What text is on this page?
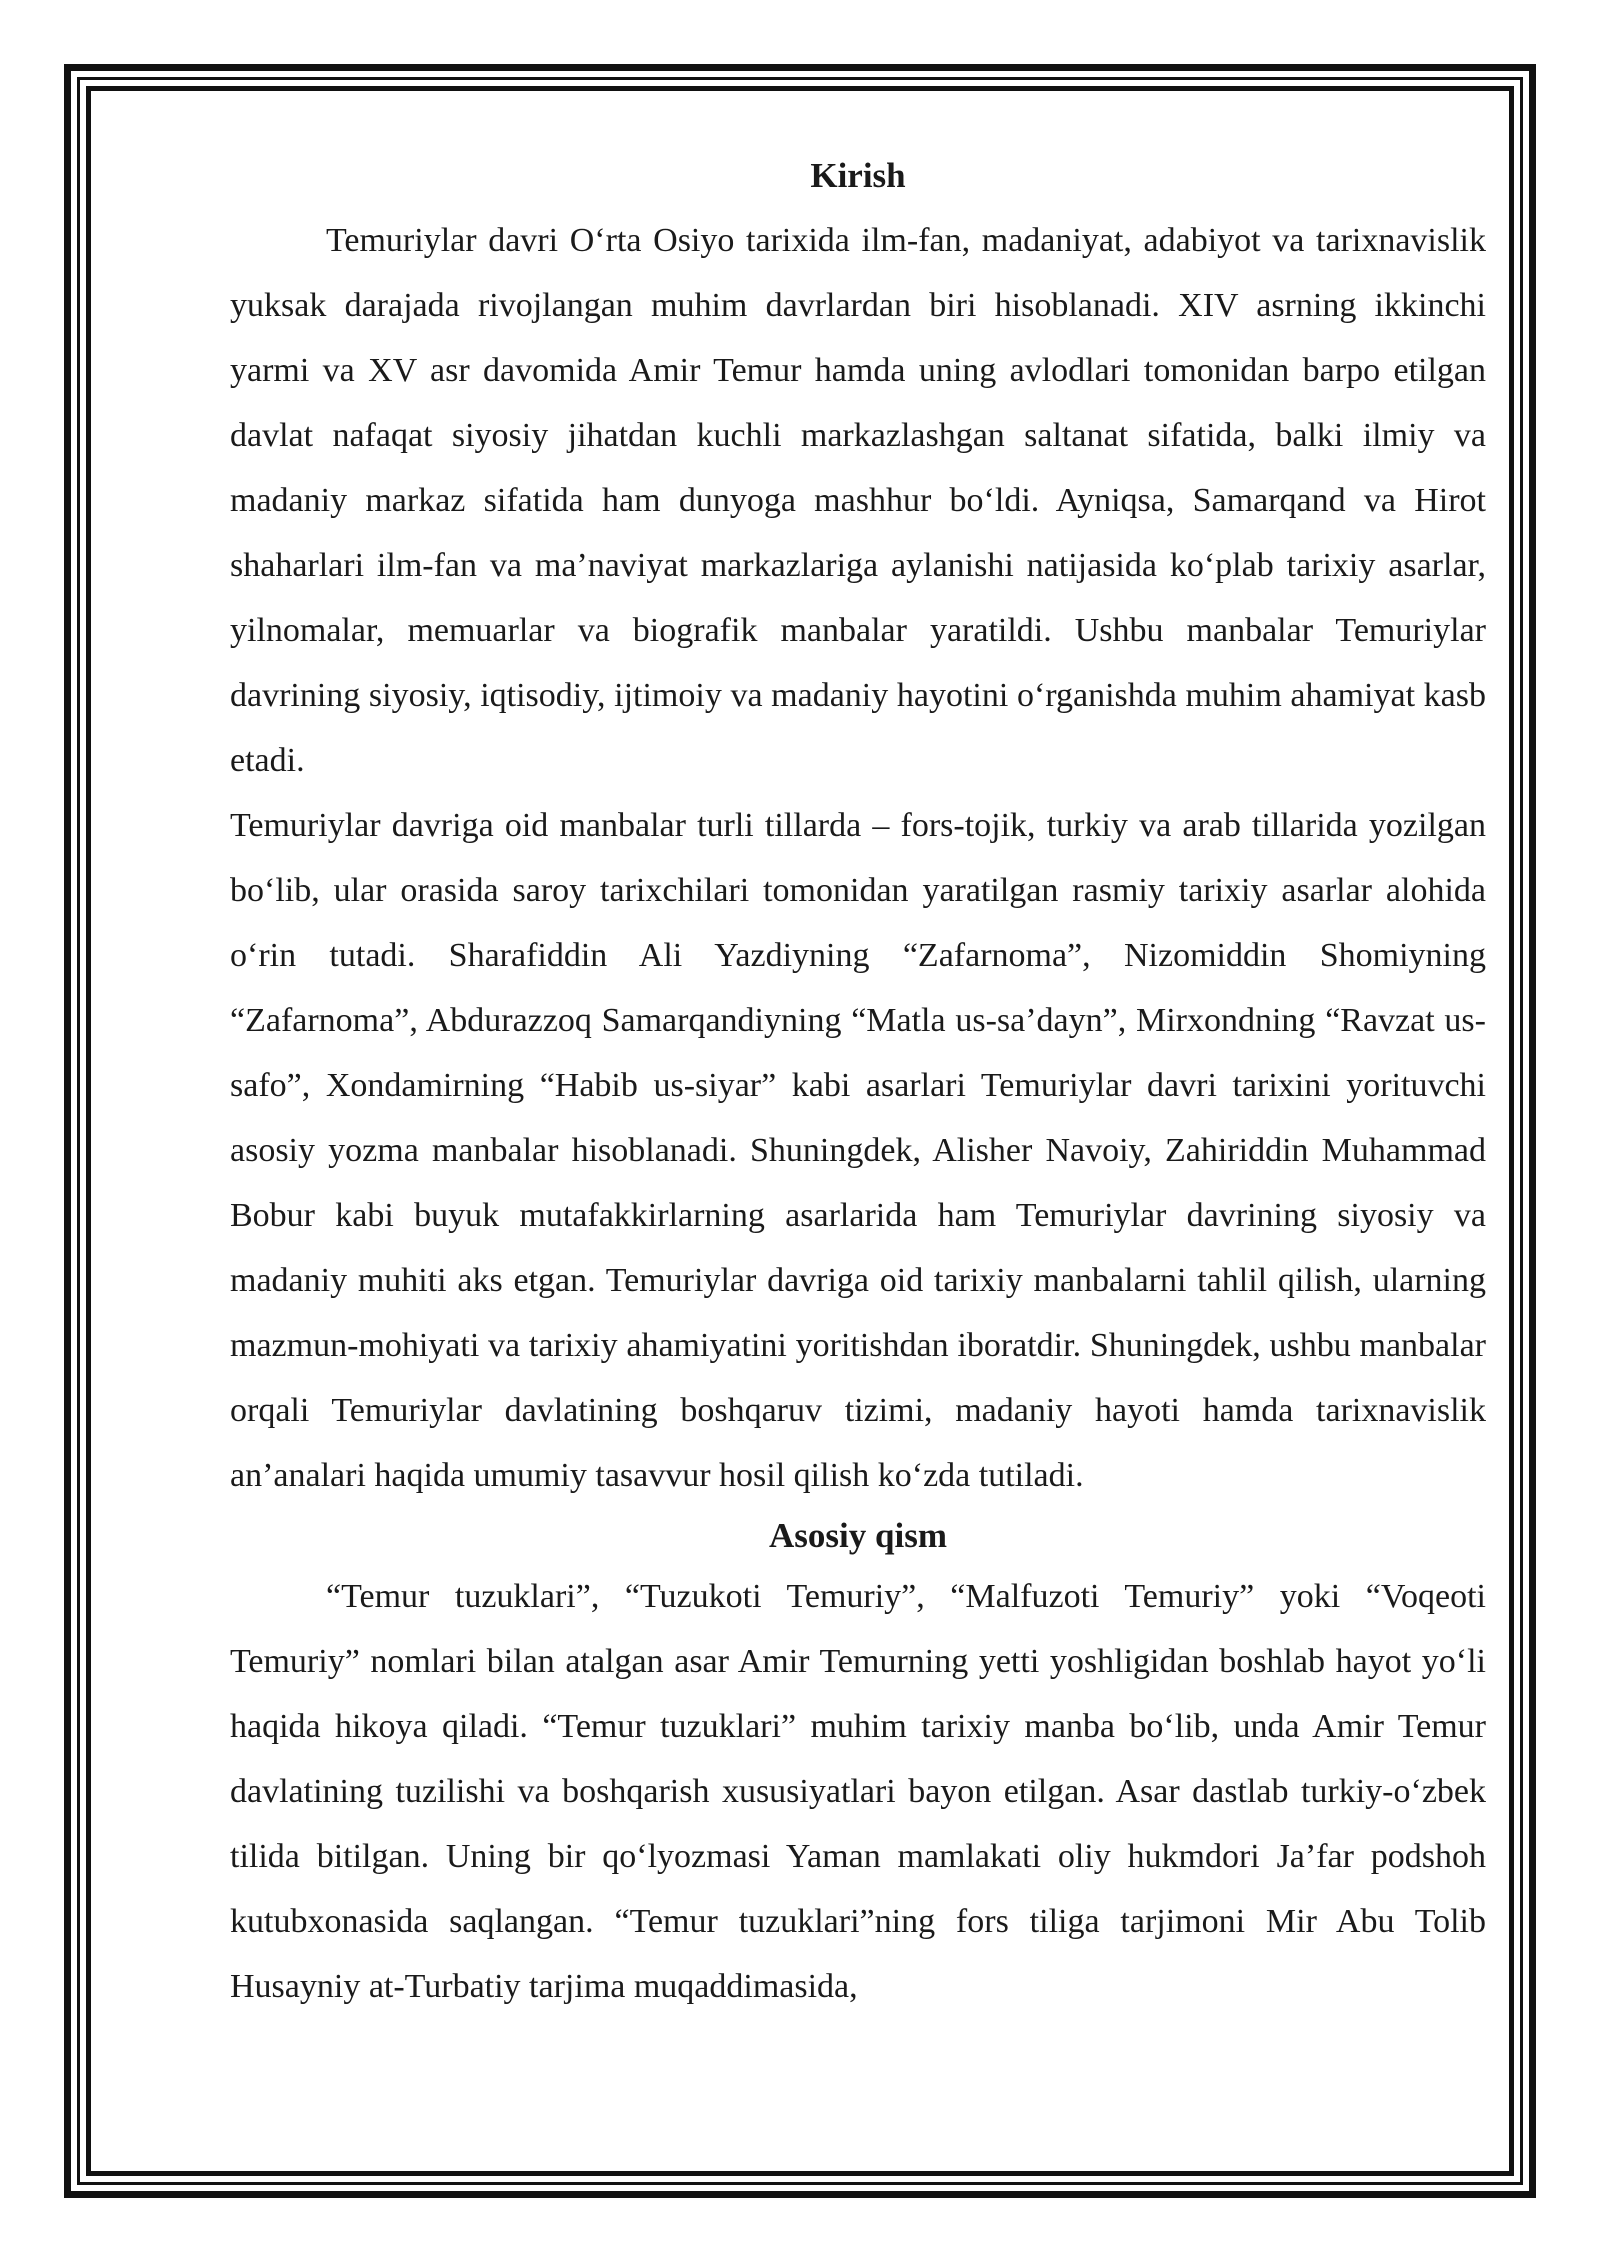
Kirish

Temuriylar davri O‘rta Osiyo tarixida ilm-fan, madaniyat, adabiyot va tarixnavislik yuksak darajada rivojlangan muhim davrlardan biri hisoblanadi. XIV asrning ikkinchi yarmi va XV asr davomida Amir Temur hamda uning avlodlari tomonidan barpo etilgan davlat nafaqat siyosiy jihatdan kuchli markazlashgan saltanat sifatida, balki ilmiy va madaniy markaz sifatida ham dunyoga mashhur bo‘ldi. Ayniqsa, Samarqand va Hirot shaharlari ilm-fan va ma’naviyat markazlariga aylanishi natijasida ko‘plab tarixiy asarlar, yilnomalar, memuarlar va biografik manbalar yaratildi. Ushbu manbalar Temuriylar davrining siyosiy, iqtisodiy, ijtimoiy va madaniy hayotini o‘rganishda muhim ahamiyat kasb etadi.

Temuriylar davriga oid manbalar turli tillarda – fors-tojik, turkiy va arab tillarida yozilgan bo‘lib, ular orasida saroy tarixchilari tomonidan yaratilgan rasmiy tarixiy asarlar alohida o‘rin tutadi. Sharafiddin Ali Yazdiyning “Zafarnoma”, Nizomiddin Shomiyning “Zafarnoma”, Abdurazzoq Samarqandiyning “Matla us-sa’dayn”, Mirxondning “Ravzat us-safo”, Xondamirning “Habib us-siyar” kabi asarlari Temuriylar davri tarixini yorituvchi asosiy yozma manbalar hisoblanadi. Shuningdek, Alisher Navoiy, Zahiriddin Muhammad Bobur kabi buyuk mutafakkirlarning asarlarida ham Temuriylar davrining siyosiy va madaniy muhiti aks etgan. Temuriylar davriga oid tarixiy manbalarni tahlil qilish, ularning mazmun-mohiyati va tarixiy ahamiyatini yoritishdan iboratdir. Shuningdek, ushbu manbalar orqali Temuriylar davlatining boshqaruv tizimi, madaniy hayoti hamda tarixnavislik an’analari haqida umumiy tasavvur hosil qilish ko‘zda tutiladi.

Asosiy qism

“Temur tuzuklari”, “Tuzukoti Temuriy”, “Malfuzoti Temuriy” yoki “Voqeoti Temuriy” nomlari bilan atalgan asar Amir Temurning yetti yoshligidan boshlab hayot yo‘li haqida hikoya qiladi. “Temur tuzuklari” muhim tarixiy manba bo‘lib, unda Amir Temur davlatining tuzilishi va boshqarish xususiyatlari bayon etilgan. Asar dastlab turkiy-o‘zbek tilida bitilgan. Uning bir qo‘lyozmasi Yaman mamlakati oliy hukmdori Ja’far podshoh kutubxonasida saqlangan. “Temur tuzuklari”ning fors tiliga tarjimoni Mir Abu Tolib Husayniy at-Turbatiy tarjima muqaddimasida,
